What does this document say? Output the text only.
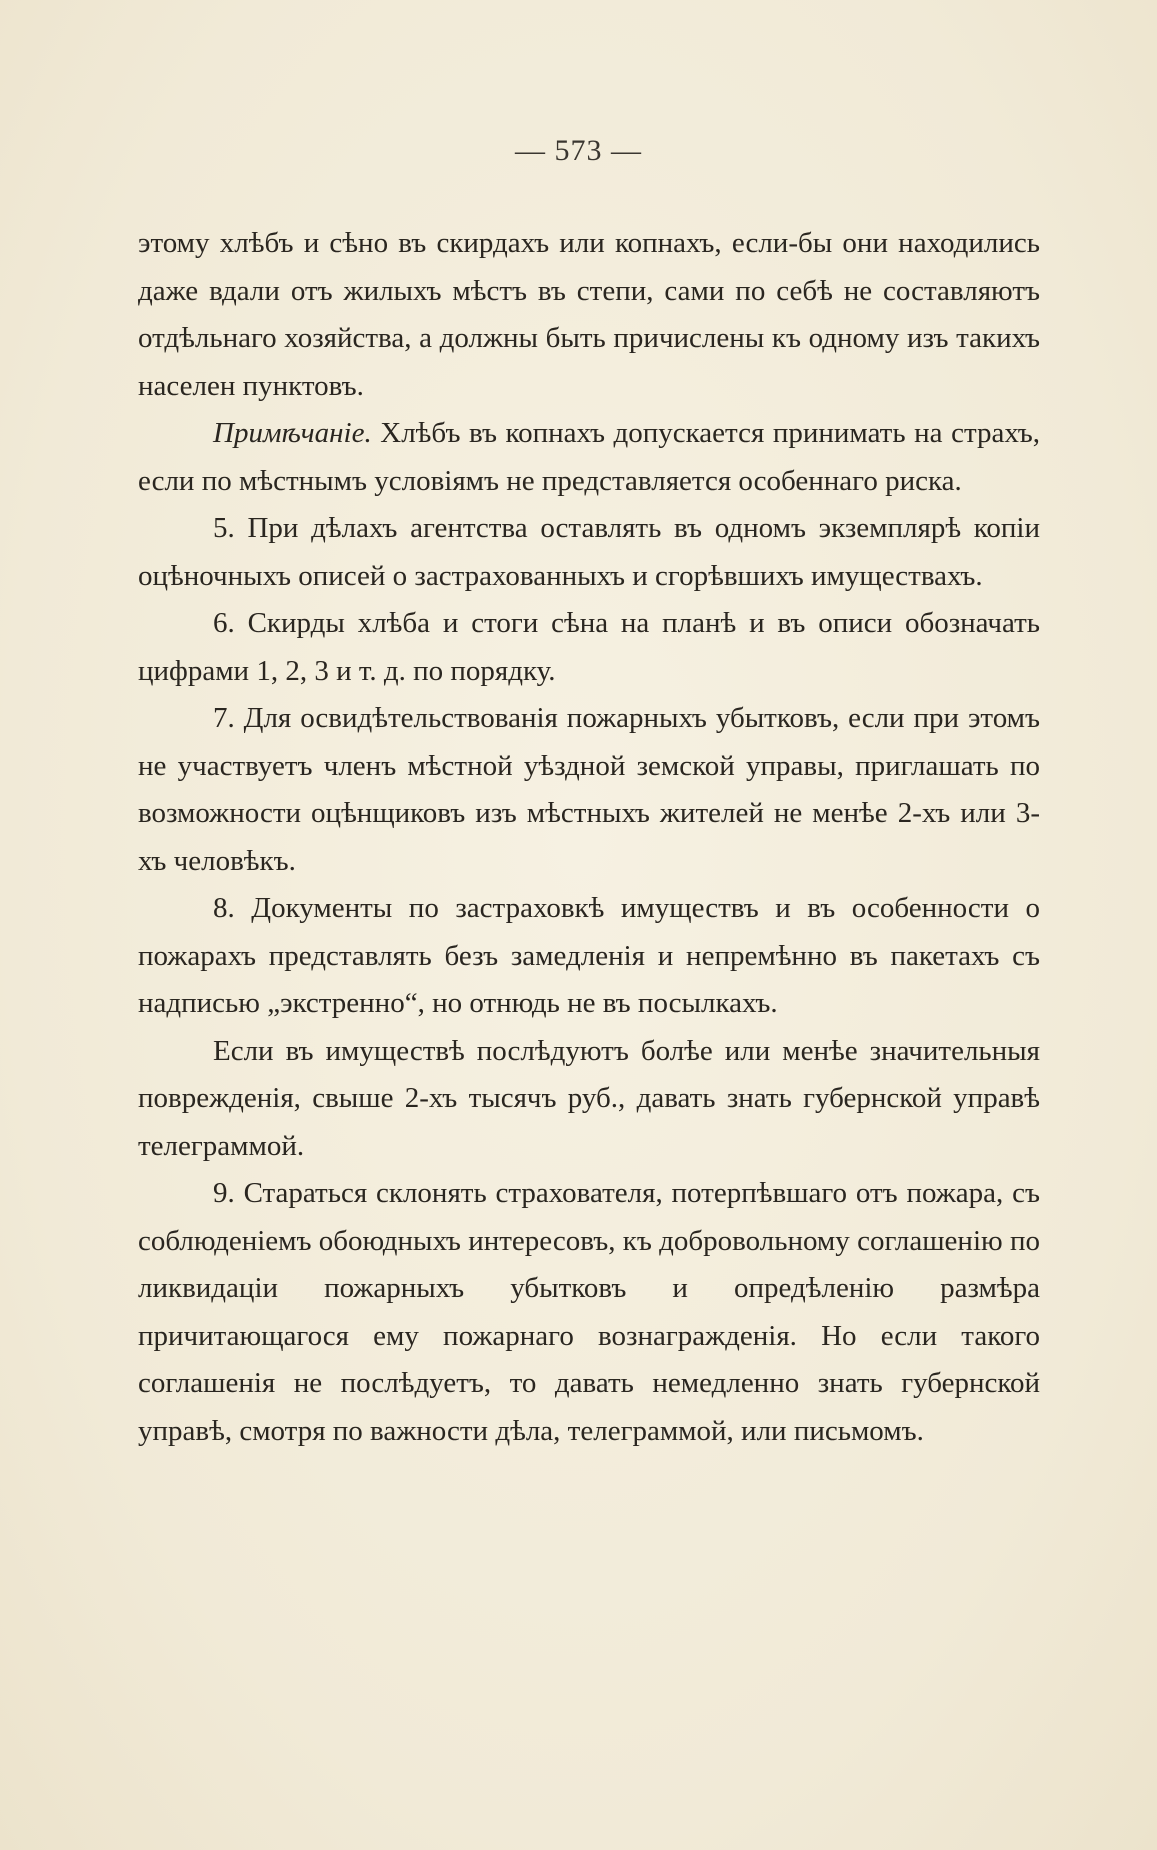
— 573 —

этому хлѣбъ и сѣно въ скирдахъ или копнахъ, если-бы они находились даже вдали отъ жилыхъ мѣстъ въ степи, сами по себѣ не составляютъ отдѣльнаго хозяйства, а должны быть причислены къ одному изъ такихъ населен пунктовъ.

Примѣчаніе. Хлѣбъ въ копнахъ допускается принимать на страхъ, если по мѣстнымъ условіямъ не представляется особеннаго риска.

5. При дѣлахъ агентства оставлять въ одномъ экземплярѣ копіи оцѣночныхъ описей о застрахованныхъ и сгорѣвшихъ имуществахъ.

6. Скирды хлѣба и стоги сѣна на планѣ и въ описи обозначать цифрами 1, 2, 3 и т. д. по порядку.

7. Для освидѣтельствованія пожарныхъ убытковъ, если при этомъ не участвуетъ членъ мѣстной уѣздной земской управы, приглашать по возможности оцѣнщиковъ изъ мѣстныхъ жителей не менѣе 2-хъ или 3-хъ человѣкъ.

8. Документы по застраховкѣ имуществъ и въ особенности о пожарахъ представлять безъ замедленія и непремѣнно въ пакетахъ съ надписью „экстренно“, но отнюдь не въ посылкахъ.

Если въ имуществѣ послѣдуютъ болѣе или менѣе значительныя поврежденія, свыше 2-хъ тысячъ руб., давать знать губернской управѣ телеграммой.

9. Стараться склонять страхователя, потерпѣвшаго отъ пожара, съ соблюденіемъ обоюдныхъ интересовъ, къ добровольному соглашенію по ликвидаціи пожарныхъ убытковъ и опредѣленію размѣра причитающагося ему пожарнаго вознагражденія. Но если такого соглашенія не послѣдуетъ, то давать немедленно знать губернской управѣ, смотря по важности дѣла, телеграммой, или письмомъ.
